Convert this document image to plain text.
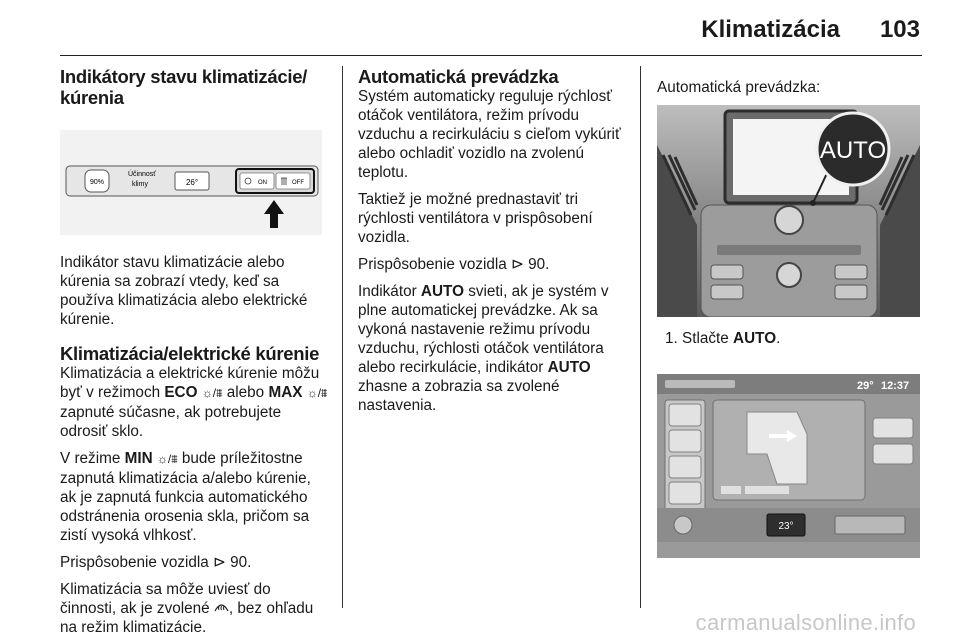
Klimatizácia 103
Indikátory stavu klimatizácie/ kúrenia
90%
Účinnosť
klimy	26°	ON	OFF

Indikátor stavu klimatizácie alebo kúrenia sa zobrazí vtedy, keď sa používa klimatizácia alebo elektrické kúrenie.

Klimatizácia/elektrické kúrenie

Klimatizácia a elektrické kúrenie môžu byť v režimoch ECO ☼/⩩ alebo MAX ☼/⩩ zapnuté súčasne, ak potrebujete odrosiť sklo.

V režime MIN ☼/⩩ bude príležitostne zapnutá klimatizácia a/alebo kúrenie, ak je zapnutá funkcia automatického odstránenia orosenia skla, pričom sa zistí vysoká vlhkosť.

Prispôsobenie vozidla ⊳ 90.

Klimatizácia sa môže uviesť do činnosti, ak je zvolené , bez ohľadu na režim klimatizácie.

Automatická prevádzka

Systém automaticky reguluje rýchlosť otáčok ventilátora, režim prívodu vzduchu a recirkuláciu s cieľom vykúriť alebo ochladiť vozidlo na zvolenú teplotu.

Taktiež je možné prednastaviť tri rýchlosti ventilátora v prispôsobení vozidla.

Prispôsobenie vozidla ⊳ 90.

Indikátor AUTO svieti, ak je systém v plne automatickej prevádzke. Ak sa vykoná nastavenie režimu prívodu vzduchu, rýchlosti otáčok ventilátora alebo recirkulácie, indikátor AUTO zhasne a zobrazia sa zvolené nastavenia.

Automatická prevádzka:

AUTO

1. Stlačte AUTO.

29° 12:37
23°
carmanualsonline.info
